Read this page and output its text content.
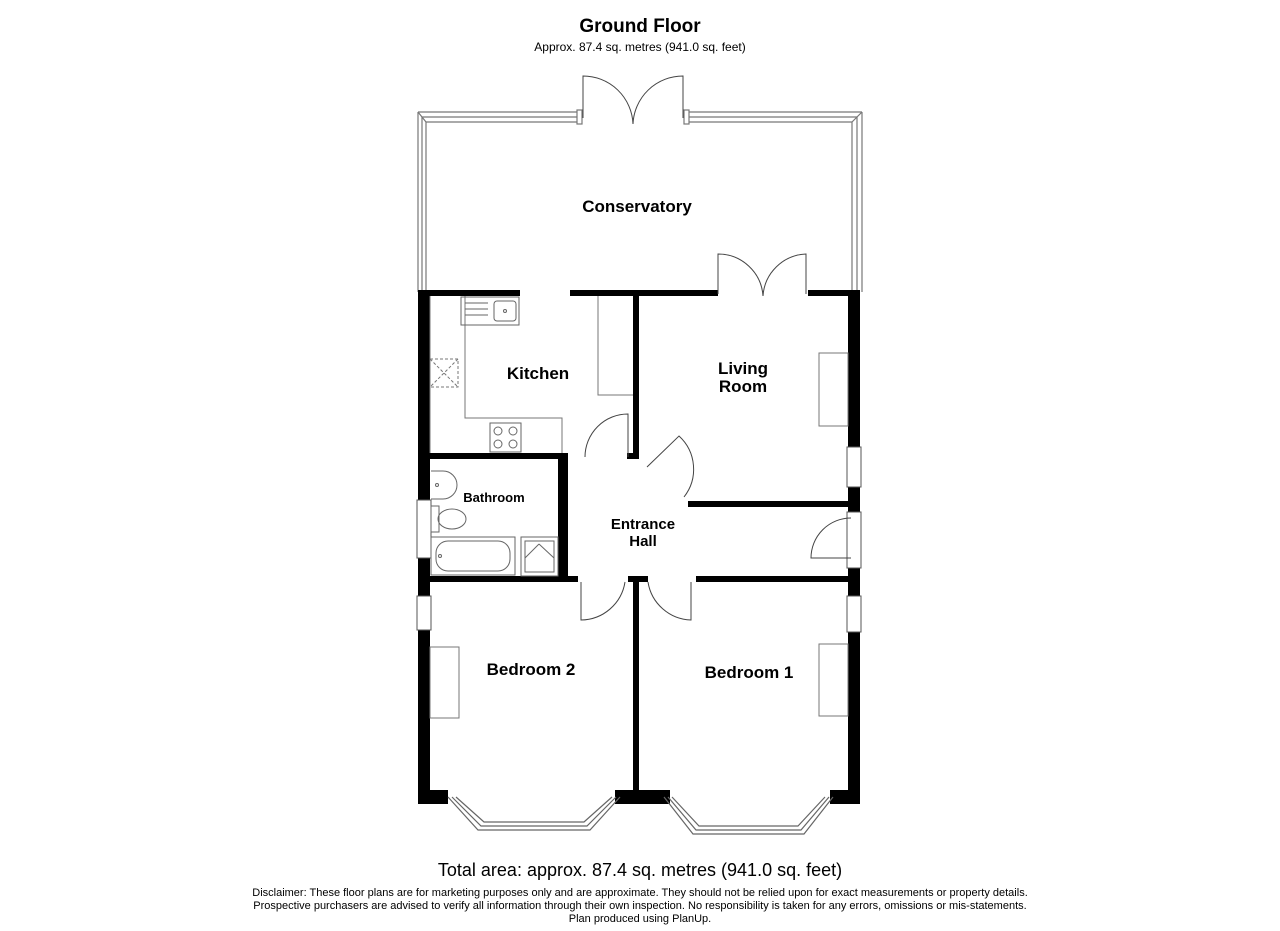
Ground Floor
Approx. 87.4 sq. metres (941.0 sq. feet)
Conservatory
Kitchen	Living
Room
Bathroom
Entrance
Hall
Bedroom 2	Bedroom 1
Total area: approx. 87.4 sq. metres (941.0 sq. feet)
Disclaimer: These floor plans are for marketing purposes only and are approximate. They should not be relied upon for exact measurements or property details.
Prospective purchasers are advised to verify all information through their own inspection. No responsibility is taken for any errors, omissions or mis-statements.
Plan produced using PlanUp.
